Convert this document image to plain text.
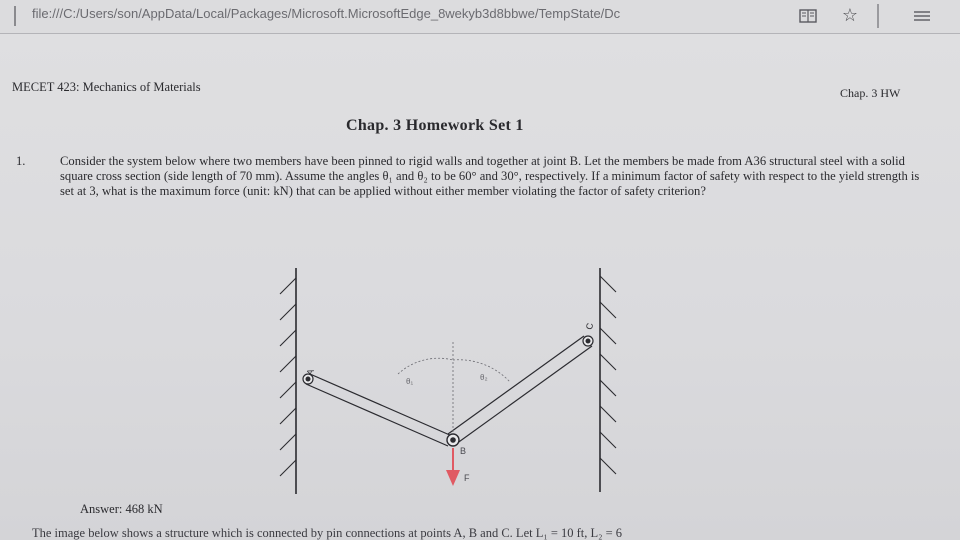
file:///C:/Users/son/AppData/Local/Packages/Microsoft.MicrosoftEdge_8wekyb3d8bbwe/TempState/Dc	☆
MECET 423: Mechanics of Materials	Chap. 3 HW
Chap. 3 Homework Set 1
1.	Consider the system below where two members have been pinned to rigid walls and together at joint B. Let the members be made from A36 structural steel with a solid square cross section (side length of 70 mm). Assume the angles θ₁ and θ₂ to be 60° and 30°, respectively. If a minimum factor of safety with respect to the yield strength is set at 3, what is the maximum force (unit: kN) that can be applied without either member violating the factor of safety criterion?
A
B
C
θ₁	θ₂
F
Answer: 468 kN
The image below shows a structure which is connected by pin connections at points A, B and C. Let L₁ = 10 ft, L₂ = 6
